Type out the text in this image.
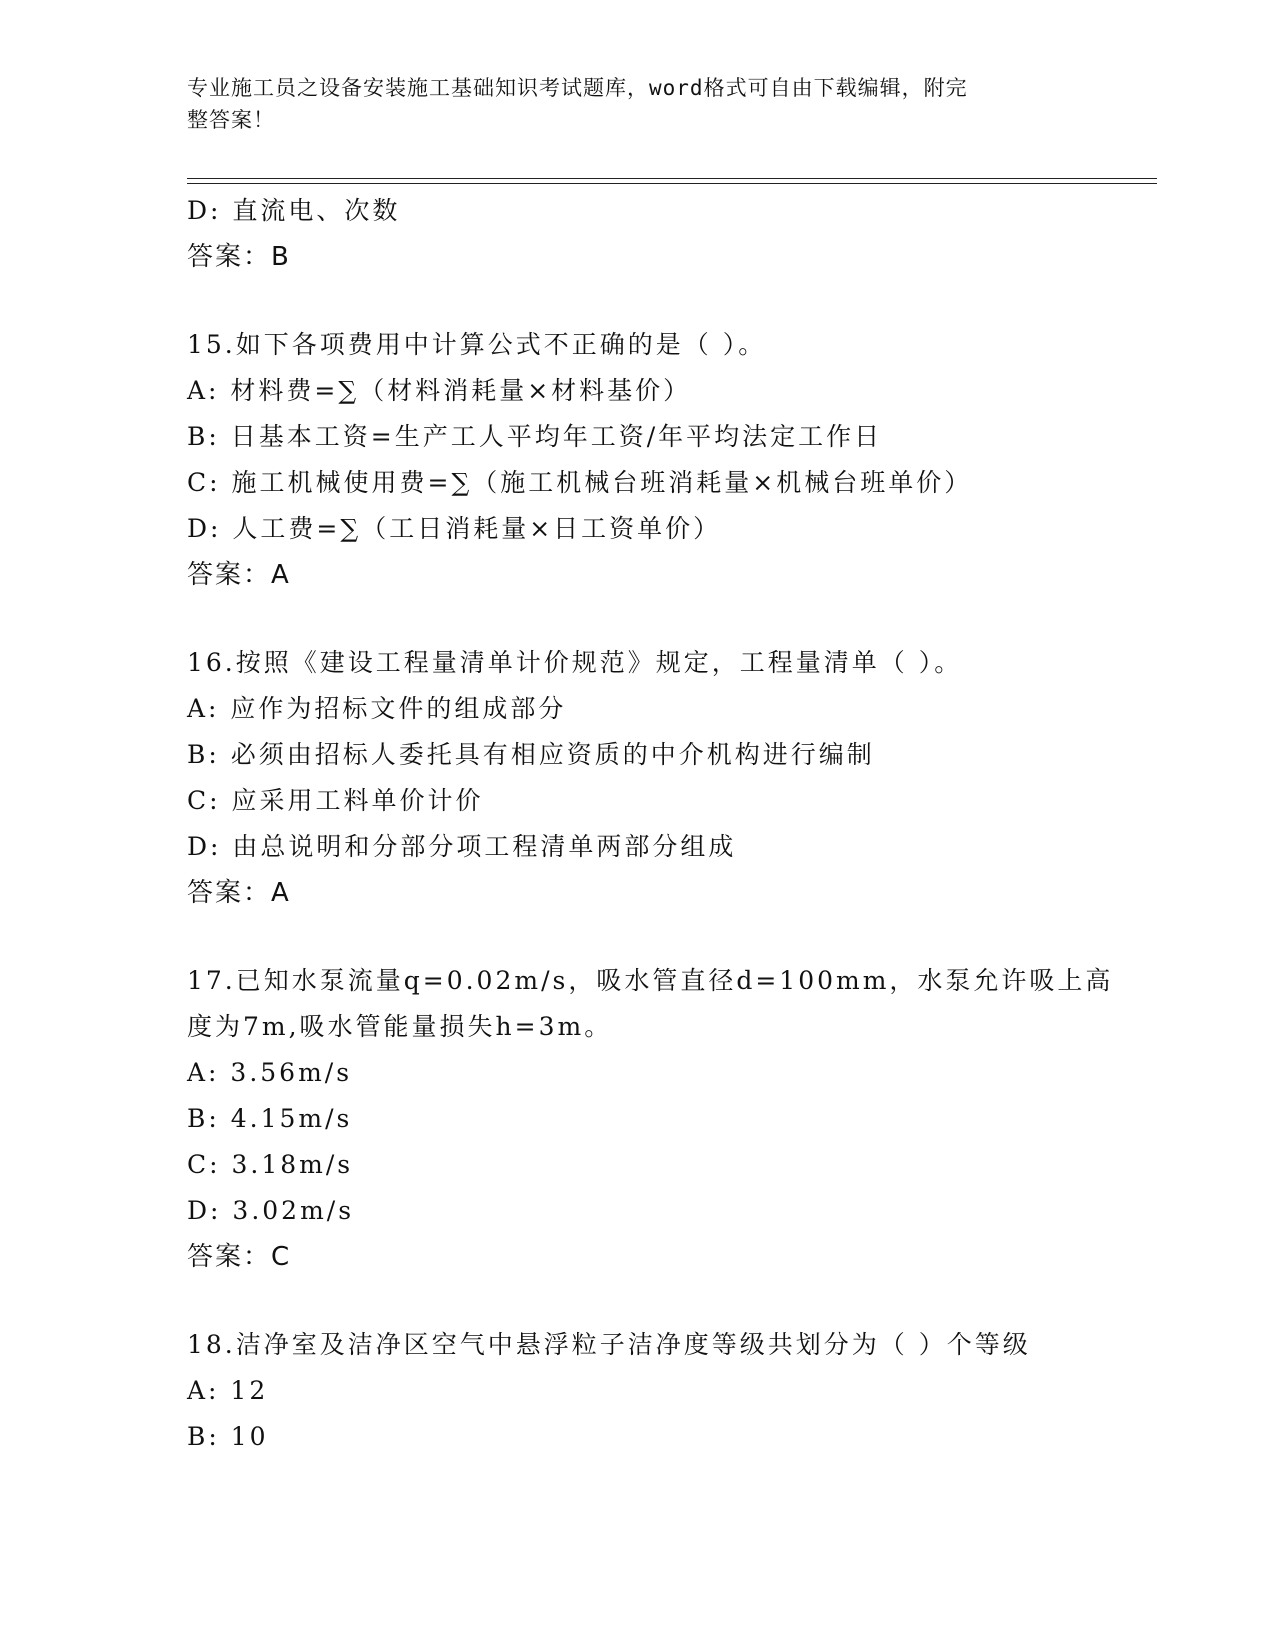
专业施工员之设备安装施工基础知识考试题库，word格式可自由下载编辑，附完
整答案！
D: 直流电、次数
答案：B
15.如下各项费用中计算公式不正确的是（ ）。
A: 材料费=∑（材料消耗量×材料基价）
B: 日基本工资=生产工人平均年工资/年平均法定工作日
C: 施工机械使用费=∑（施工机械台班消耗量×机械台班单价）
D: 人工费=∑（工日消耗量×日工资单价）
答案：A
16.按照《建设工程量清单计价规范》规定，工程量清单（ ）。
A: 应作为招标文件的组成部分
B: 必须由招标人委托具有相应资质的中介机构进行编制
C: 应采用工料单价计价
D: 由总说明和分部分项工程清单两部分组成
答案：A
17.已知水泵流量q=0.02m/s，吸水管直径d=100mm，水泵允许吸上高
度为7m,吸水管能量损失h=3m。
A: 3.56m/s
B: 4.15m/s
C: 3.18m/s
D: 3.02m/s
答案：C
18.洁净室及洁净区空气中悬浮粒子洁净度等级共划分为（ ）个等级
A: 12
B: 10
